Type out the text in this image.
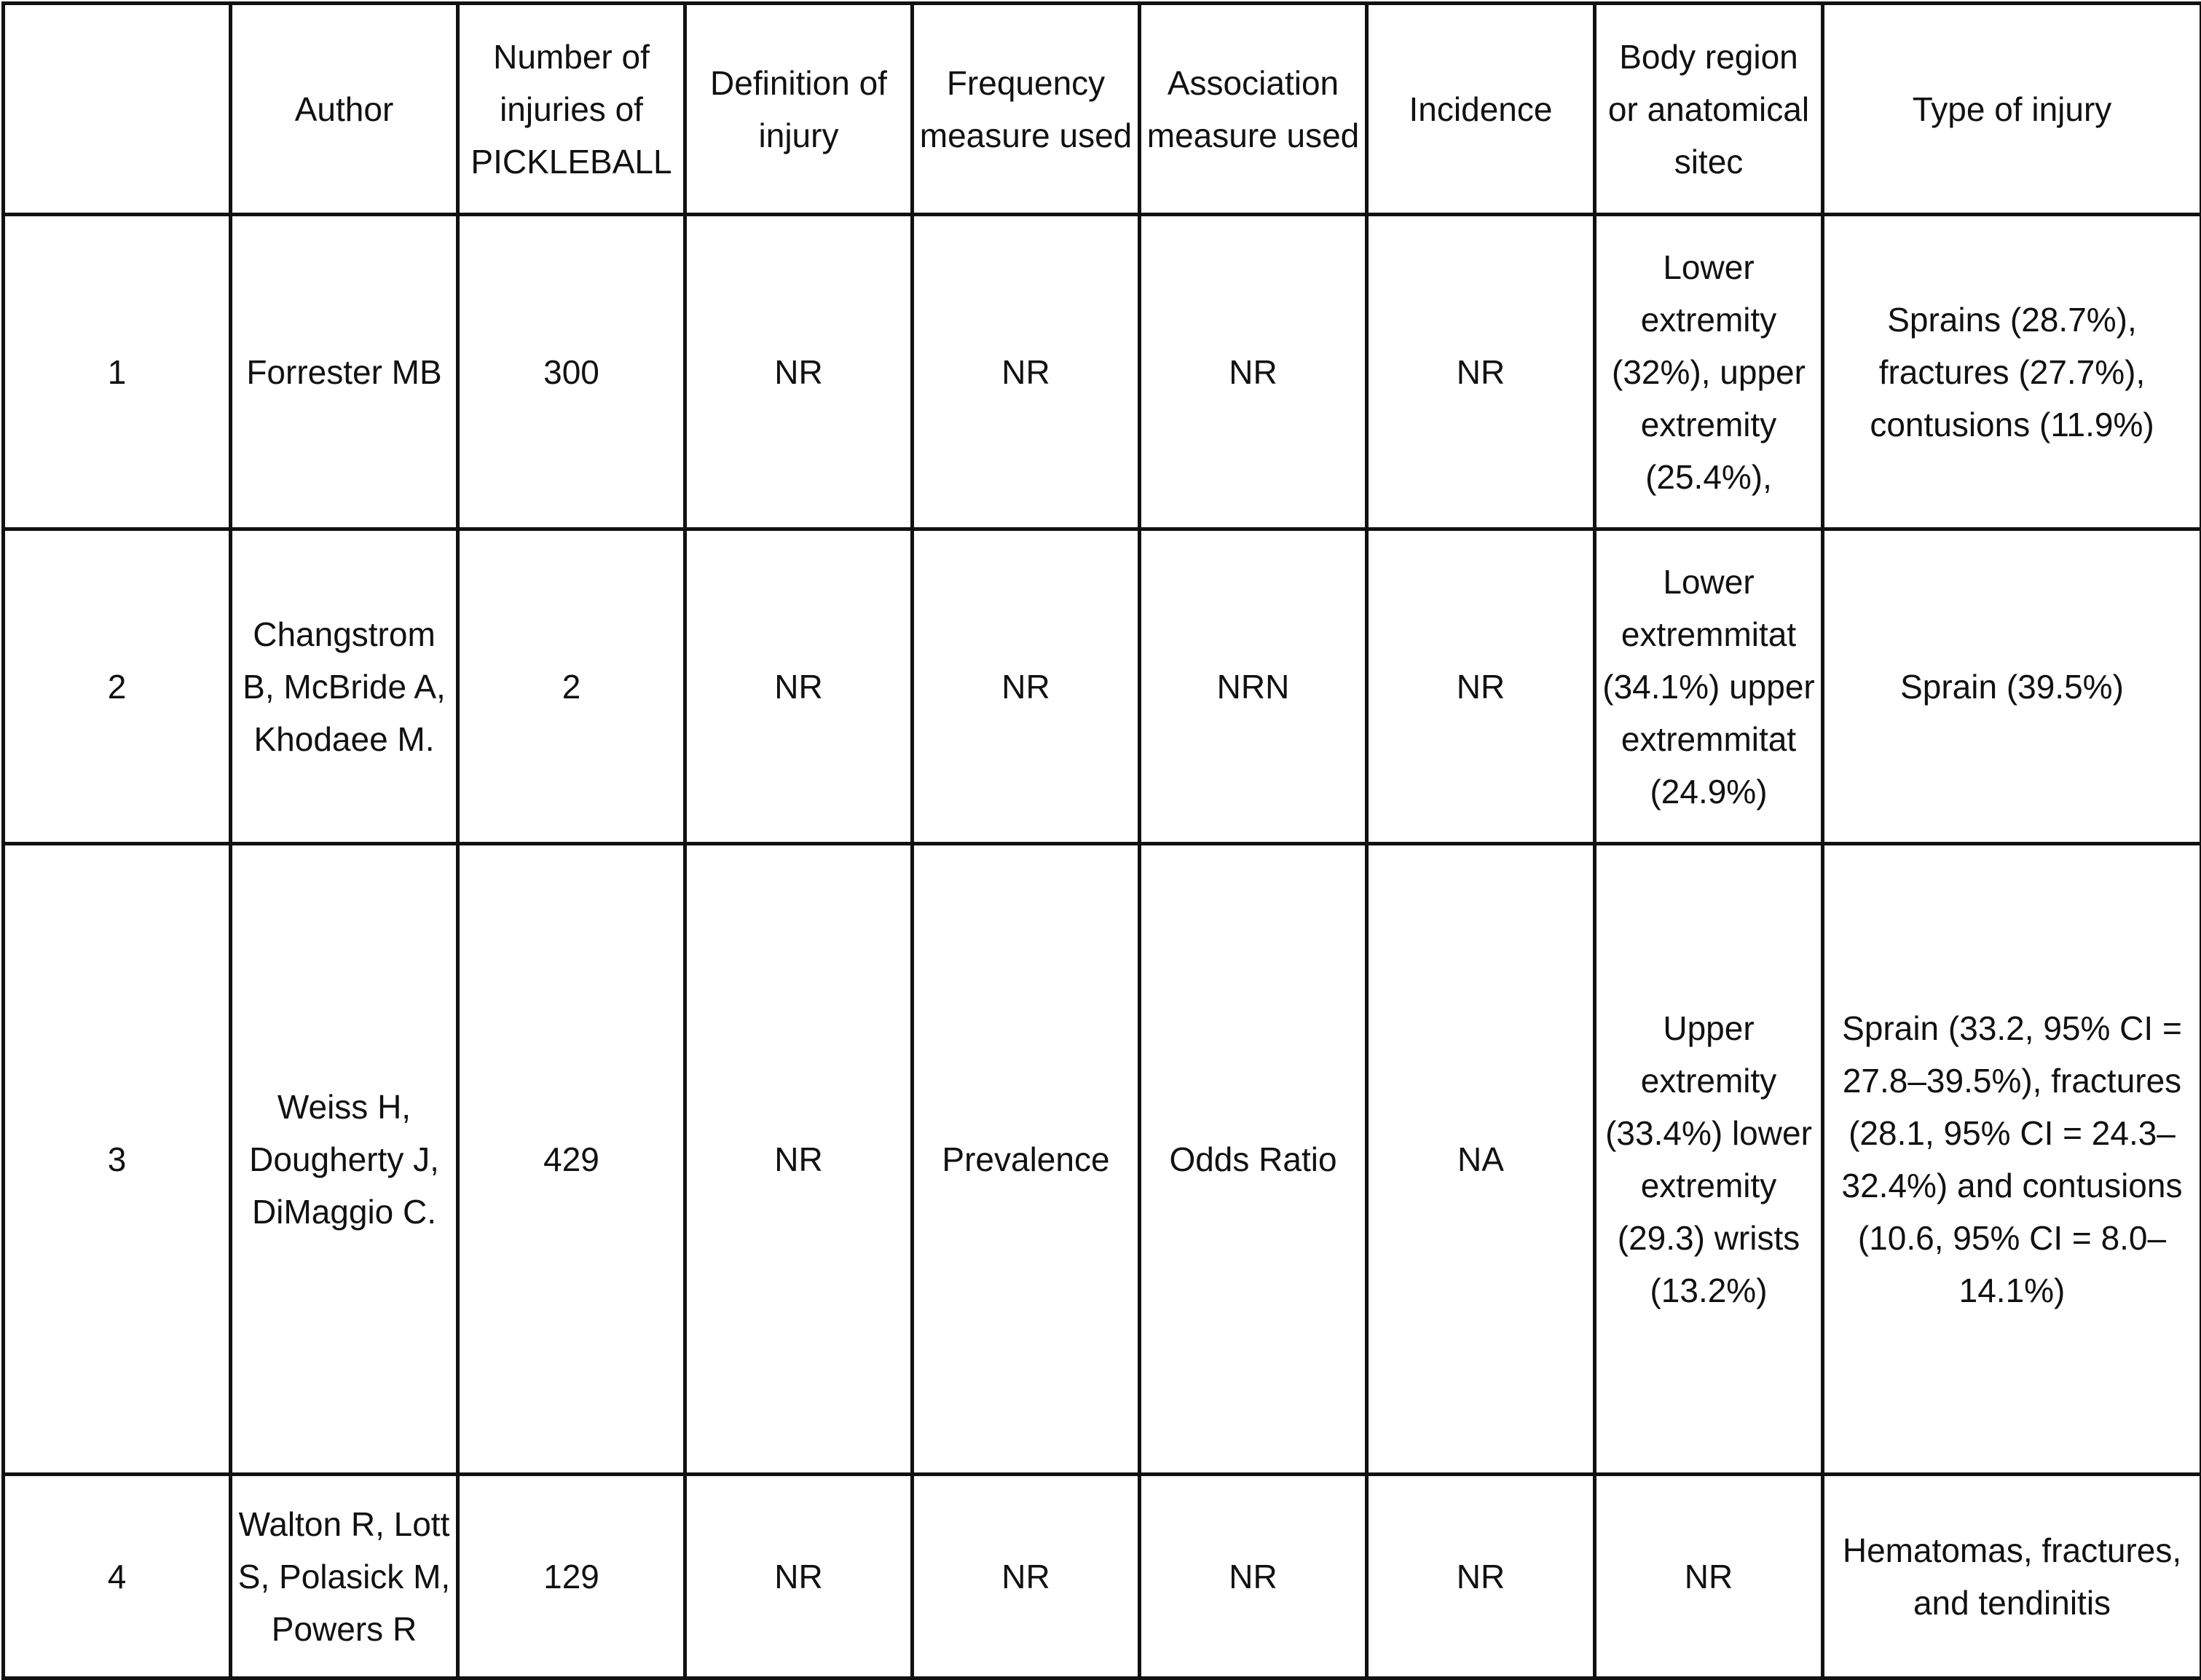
	Author	Number of injuries of PICKLEBALL	Definition of injury	Frequency measure used	Association measure used	Incidence	Body region or anatomical sitec	Type of injury
1	Forrester MB	300	NR	NR	NR	NR	Lower extremity (32%), upper extremity (25.4%),	Sprains (28.7%), fractures (27.7%), contusions (11.9%)
2	Changstrom B, McBride A, Khodaee M.	2	NR	NR	NRN	NR	Lower extremmitat (34.1%) upper extremmitat (24.9%)	Sprain (39.5%)
3	Weiss H, Dougherty J, DiMaggio C.	429	NR	Prevalence	Odds Ratio	NA	Upper extremity (33.4%) lower extremity (29.3) wrists (13.2%)	Sprain (33.2, 95% CI = 27.8–39.5%), fractures (28.1, 95% CI = 24.3–32.4%) and contusions (10.6, 95% CI = 8.0–14.1%)
4	Walton R, Lott S, Polasick M, Powers R	129	NR	NR	NR	NR	NR	Hematomas, fractures, and tendinitis
